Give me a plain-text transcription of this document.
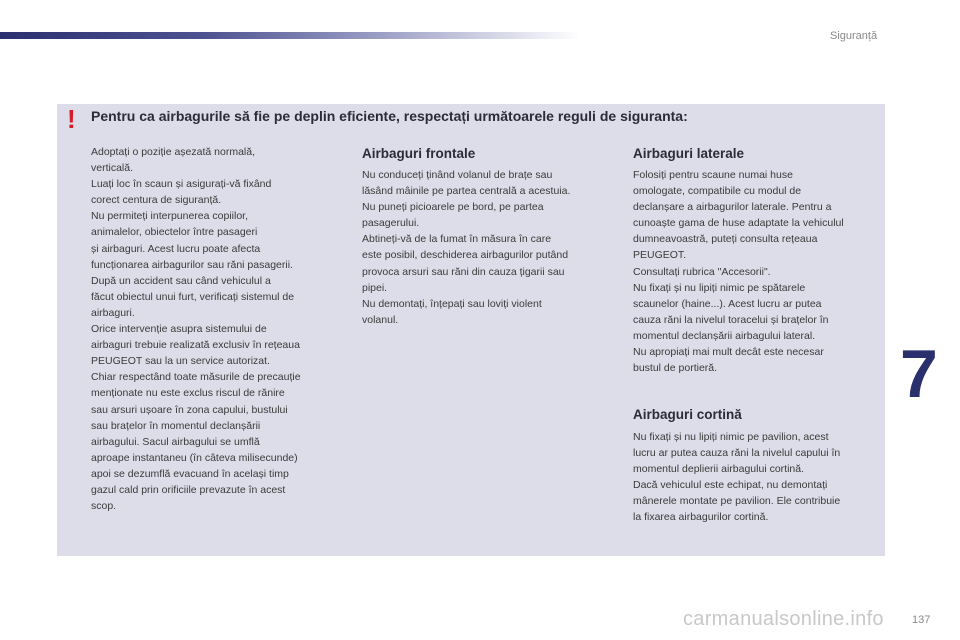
Siguranță
! Pentru ca airbagurile să fie pe deplin eficiente, respectați următoarele reguli de siguranta:

Adoptați o poziție așezată normală,

verticală.

Luați loc în scaun și asigurați-vă fixând

corect centura de siguranță.

Nu permiteți interpunerea copiilor,

animalelor, obiectelor între pasageri

și airbaguri. Acest lucru poate afecta

funcționarea airbagurilor sau răni pasagerii.

După un accident sau când vehiculul a

făcut obiectul unui furt, verificați sistemul de

airbaguri.

Orice intervenție asupra sistemului de

airbaguri trebuie realizată exclusiv în rețeaua

PEUGEOT sau la un service autorizat.

Chiar respectând toate măsurile de precauție

menționate nu este exclus riscul de rănire

sau arsuri ușoare în zona capului, bustului

sau brațelor în momentul declanșării

airbagului. Sacul airbagului se umflă

aproape instantaneu (în câteva milisecunde)

apoi se dezumflă evacuand în același timp

gazul cald prin orificiile prevazute în acest

scop.

Airbaguri frontale

Nu conduceți ținând volanul de brațe sau

lăsând mâinile pe partea centrală a acestuia.

Nu puneți picioarele pe bord, pe partea

pasagerului.

Abtineți-vă de la fumat în măsura în care

este posibil, deschiderea airbagurilor putând

provoca arsuri sau răni din cauza țigarii sau

pipei.

Nu demontați, înțepați sau loviți violent

volanul.

Airbaguri laterale

Folosiți pentru scaune numai huse

omologate, compatibile cu modul de

declanșare a airbagurilor laterale. Pentru a

cunoaște gama de huse adaptate la vehiculul

dumneavoastră, puteți consulta rețeaua

PEUGEOT.

Consultați rubrica "Accesorii".

Nu fixați și nu lipiți nimic pe spătarele

scaunelor (haine...). Acest lucru ar putea

cauza răni la nivelul toracelui și brațelor în

momentul declanșării airbagului lateral.

Nu apropiați mai mult decât este necesar

bustul de portieră.

Airbaguri cortină

Nu fixați și nu lipiți nimic pe pavilion, acest

lucru ar putea cauza răni la nivelul capului în

momentul deplierii airbagului cortină.

Dacă vehiculul este echipat, nu demontați

mânerele montate pe pavilion. Ele contribuie

la fixarea airbagurilor cortină.

7
carmanualsonline.info	137
